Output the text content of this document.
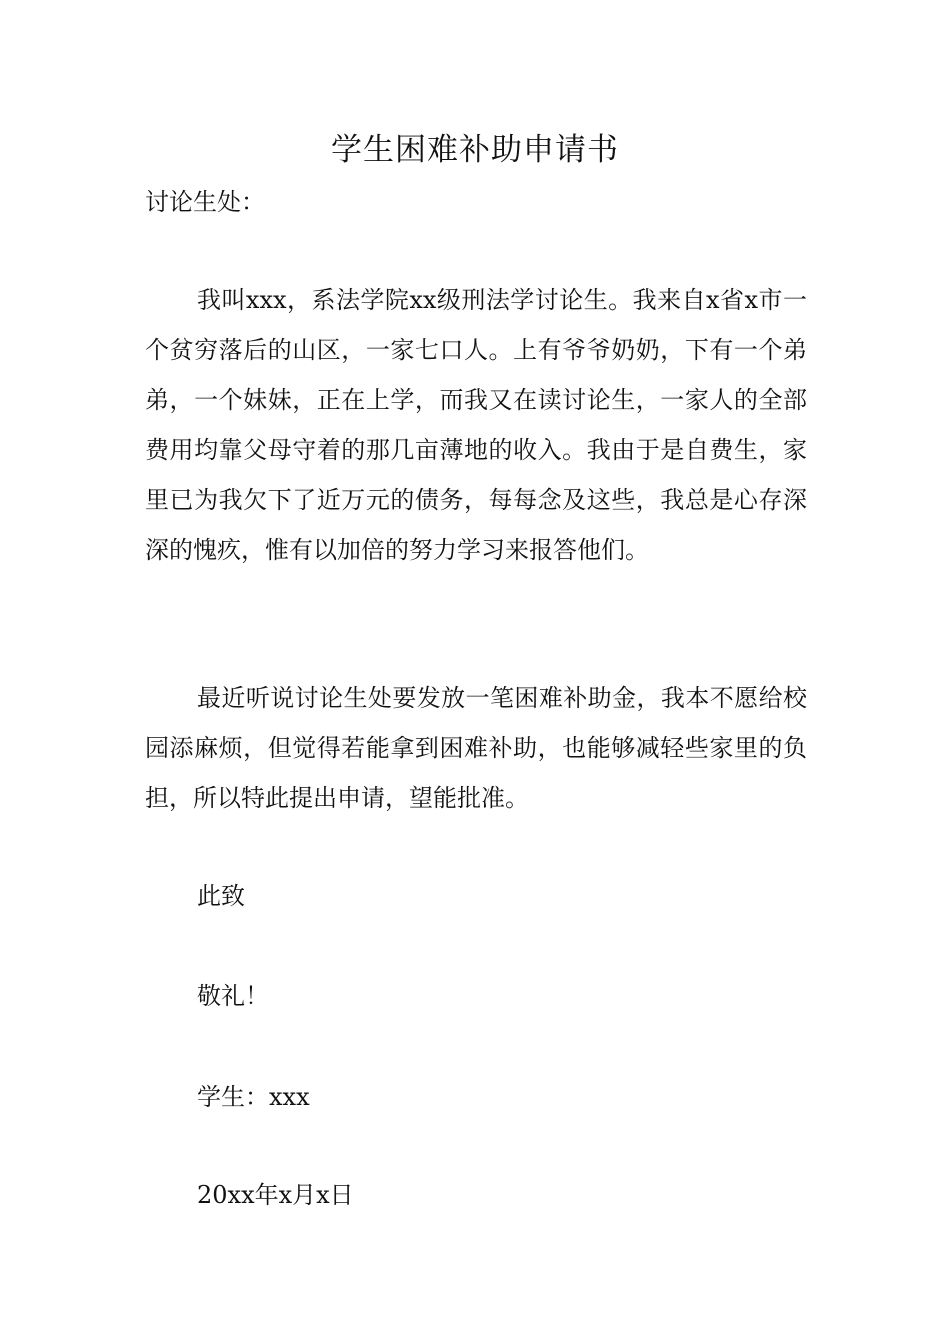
学生困难补助申请书

讨论生处：

我叫xxx，系法学院xx级刑法学讨论生。我来自x省x市一个贫穷落后的山区，一家七口人。上有爷爷奶奶，下有一个弟弟，一个妹妹，正在上学，而我又在读讨论生，一家人的全部费用均靠父母守着的那几亩薄地的收入。我由于是自费生，家里已为我欠下了近万元的债务，每每念及这些，我总是心存深深的愧疚，惟有以加倍的努力学习来报答他们。

最近听说讨论生处要发放一笔困难补助金，我本不愿给校园添麻烦，但觉得若能拿到困难补助，也能够减轻些家里的负担，所以特此提出申请，望能批准。

此致

敬礼！

学生：xxx

20xx年x月x日
